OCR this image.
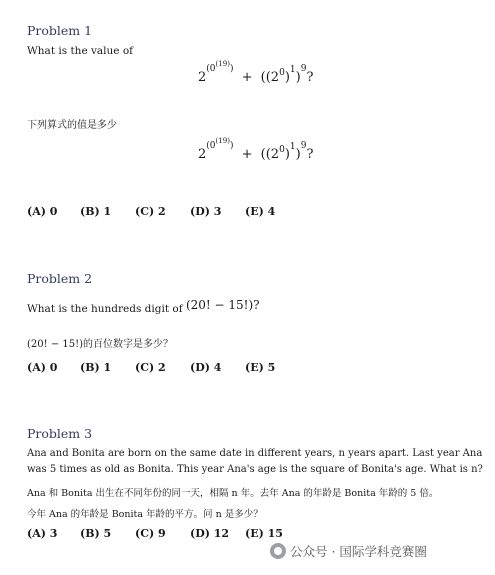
Problem 1
What is the value of
$2^{(0^{(19)})} + ((2^0)^1)^9$?
下列算式的值是多少
$2^{(0^{(19)})} + ((2^0)^1)^9$?
(A) 0 (B) 1 (C) 2 (D) 3 (E) 4
Problem 2
What is the hundreds digit of (20! − 15!)?
(20! − 15!)的百位数字是多少？
(A) 0 (B) 1 (C) 2 (D) 4 (E) 5
Problem 3
Ana and Bonita are born on the same date in different years, n years apart. Last year Ana
was 5 times as old as Bonita. This year Ana's age is the square of Bonita's age. What is n?
Ana 和 Bonita 出生在不同年份的同一天，相隔 n 年。去年 Ana 的年龄是 Bonita 年龄的 5 倍。
今年 Ana 的年龄是 Bonita 年龄的平方。问 n 是多少？
(A) 3 (B) 5 (C) 9 (D) 12 (E) 15
公众号 · 国际学科竞赛圈
